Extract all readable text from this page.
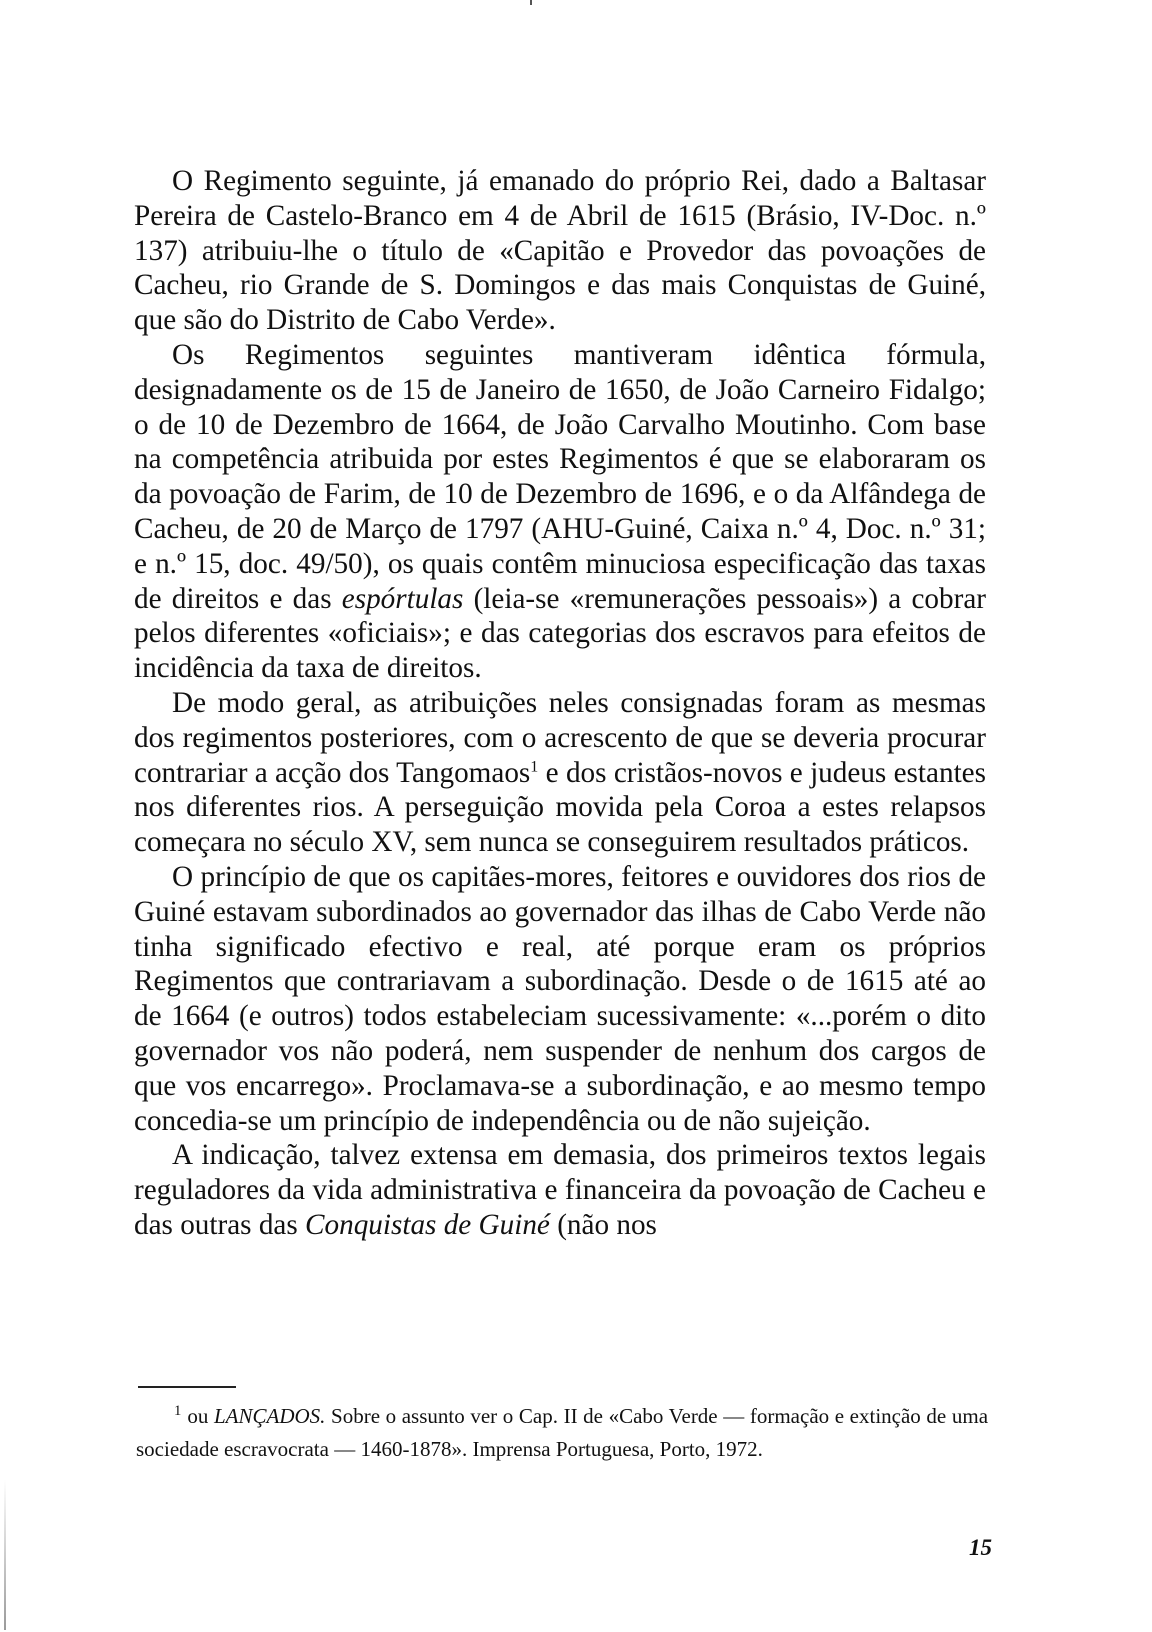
O Regimento seguinte, já emanado do próprio Rei, dado a Baltasar Pereira de Castelo-Branco em 4 de Abril de 1615 (Brásio, IV-Doc. n.º 137) atribuiu-lhe o título de «Capitão e Provedor das povoações de Cacheu, rio Grande de S. Domingos e das mais Conquistas de Guiné, que são do Distrito de Cabo Verde».

Os Regimentos seguintes mantiveram idêntica fórmula, designadamente os de 15 de Janeiro de 1650, de João Carneiro Fidalgo; o de 10 de Dezembro de 1664, de João Carvalho Moutinho. Com base na competência atribuida por estes Regimentos é que se elaboraram os da povoação de Farim, de 10 de Dezembro de 1696, e o da Alfândega de Cacheu, de 20 de Março de 1797 (AHU-Guiné, Caixa n.º 4, Doc. n.º 31; e n.º 15, doc. 49/50), os quais contêm minuciosa especificação das taxas de direitos e das espórtulas (leia-se «remunerações pessoais») a cobrar pelos diferentes «oficiais»; e das categorias dos escravos para efeitos de incidência da taxa de direitos.

De modo geral, as atribuições neles consignadas foram as mesmas dos regimentos posteriores, com o acrescento de que se deveria procurar contrariar a acção dos Tangomaos$^1$ e dos cristãos-novos e judeus estantes nos diferentes rios. A perseguição movida pela Coroa a estes relapsos começara no século XV, sem nunca se conseguirem resultados práticos.

O princípio de que os capitães-mores, feitores e ouvidores dos rios de Guiné estavam subordinados ao governador das ilhas de Cabo Verde não tinha significado efectivo e real, até porque eram os próprios Regimentos que contrariavam a subordinação. Desde o de 1615 até ao de 1664 (e outros) todos estabeleciam sucessivamente: «...porém o dito governador vos não poderá, nem suspender de nenhum dos cargos de que vos encarrego». Proclamava-se a subordinação, e ao mesmo tempo concedia-se um princípio de independência ou de não sujeição.

A indicação, talvez extensa em demasia, dos primeiros textos legais reguladores da vida administrativa e financeira da povoação de Cacheu e das outras das Conquistas de Guiné (não nos

$^1$ ou LANÇADOS. Sobre o assunto ver o Cap. II de «Cabo Verde — formação e extinção de uma sociedade escravocrata — 1460-1878». Imprensa Portuguesa, Porto, 1972.

15
